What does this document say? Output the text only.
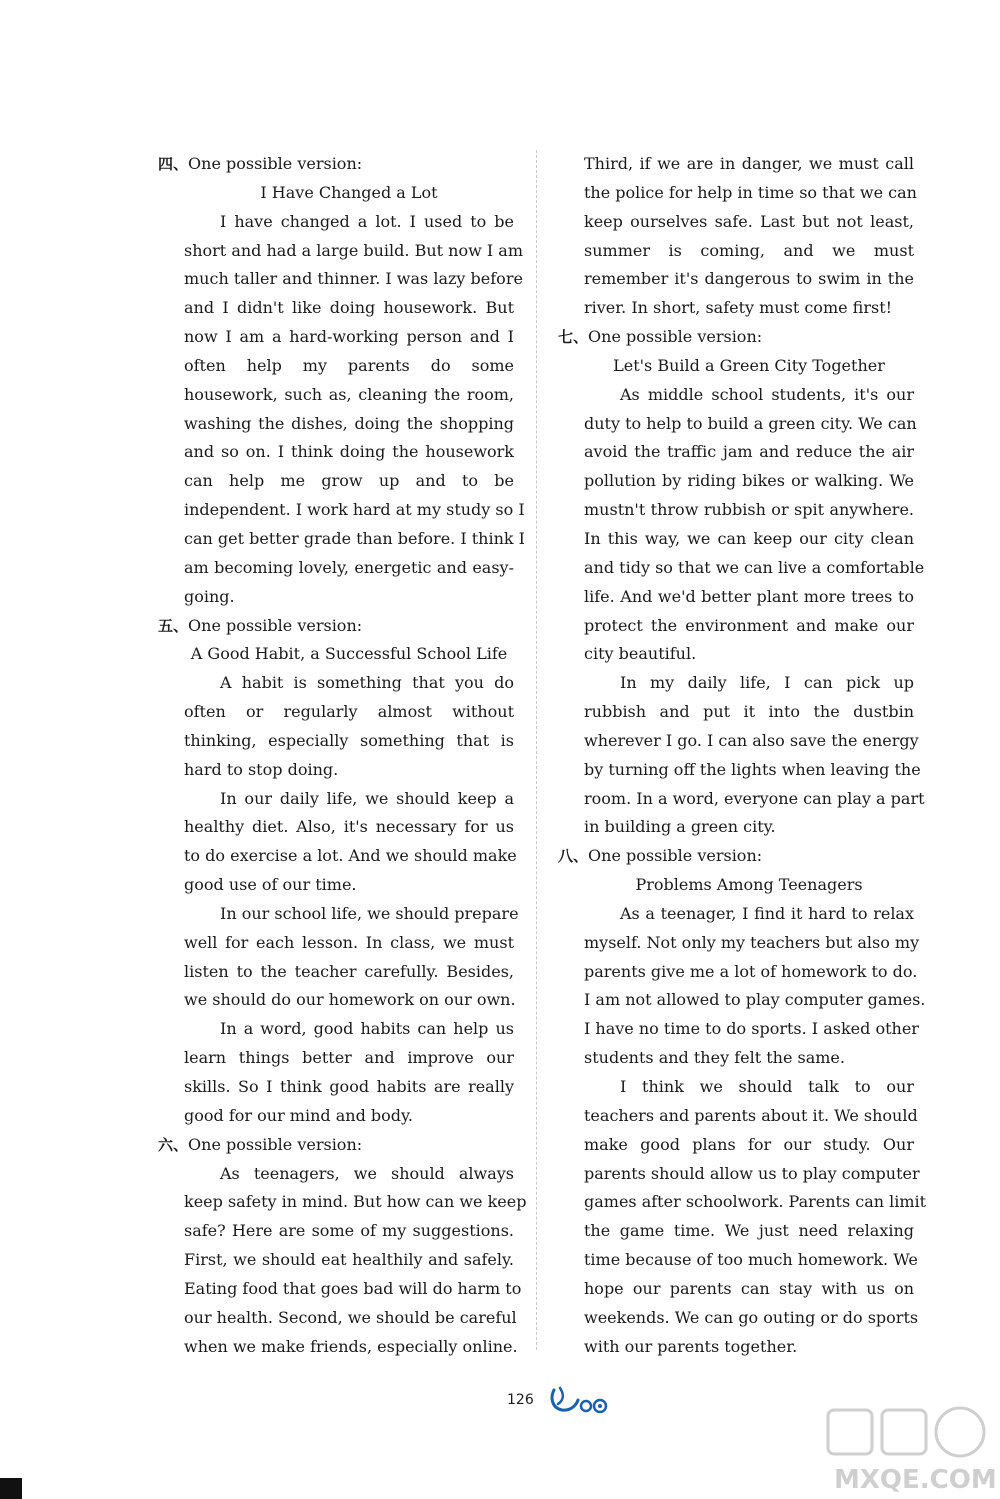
四、One possible version:
I Have Changed a Lot
I have changed a lot. I used to be
short and had a large build. But now I am
much taller and thinner. I was lazy before
and I didn't like doing housework. But
now I am a hard-working person and I
often help my parents do some
housework, such as, cleaning the room,
washing the dishes, doing the shopping
and so on. I think doing the housework
can help me grow up and to be
independent. I work hard at my study so I
can get better grade than before. I think I
am becoming lovely, energetic and easy-
going.
五、One possible version:
A Good Habit, a Successful School Life
A habit is something that you do
often or regularly almost without
thinking, especially something that is
hard to stop doing.
In our daily life, we should keep a
healthy diet. Also, it's necessary for us
to do exercise a lot. And we should make
good use of our time.
In our school life, we should prepare
well for each lesson. In class, we must
listen to the teacher carefully. Besides,
we should do our homework on our own.
In a word, good habits can help us
learn things better and improve our
skills. So I think good habits are really
good for our mind and body.
六、One possible version:
As teenagers, we should always
keep safety in mind. But how can we keep
safe? Here are some of my suggestions.
First, we should eat healthily and safely.
Eating food that goes bad will do harm to
our health. Second, we should be careful
when we make friends, especially online.
Third, if we are in danger, we must call
the police for help in time so that we can
keep ourselves safe. Last but not least,
summer is coming, and we must
remember it's dangerous to swim in the
river. In short, safety must come first!
七、One possible version:
Let's Build a Green City Together
As middle school students, it's our
duty to help to build a green city. We can
avoid the traffic jam and reduce the air
pollution by riding bikes or walking. We
mustn't throw rubbish or spit anywhere.
In this way, we can keep our city clean
and tidy so that we can live a comfortable
life. And we'd better plant more trees to
protect the environment and make our
city beautiful.
In my daily life, I can pick up
rubbish and put it into the dustbin
wherever I go. I can also save the energy
by turning off the lights when leaving the
room. In a word, everyone can play a part
in building a green city.
八、One possible version:
Problems Among Teenagers
As a teenager, I find it hard to relax
myself. Not only my teachers but also my
parents give me a lot of homework to do.
I am not allowed to play computer games.
I have no time to do sports. I asked other
students and they felt the same.
I think we should talk to our
teachers and parents about it. We should
make good plans for our study. Our
parents should allow us to play computer
games after schoolwork. Parents can limit
the game time. We just need relaxing
time because of too much homework. We
hope our parents can stay with us on
weekends. We can go outing or do sports
with our parents together.
126
MXQE.COM
